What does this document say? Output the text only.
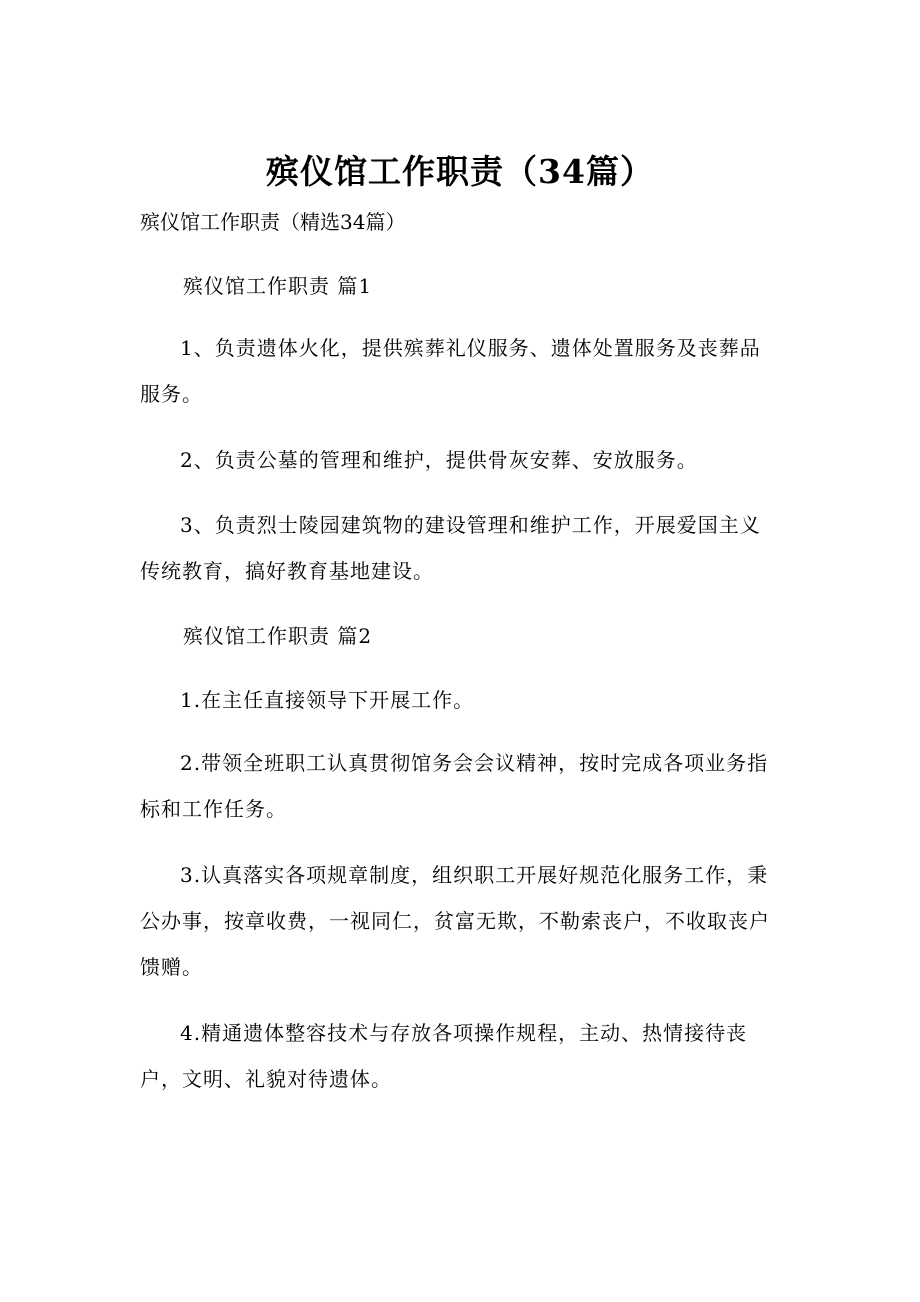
殡仪馆工作职责（34篇）

殡仪馆工作职责（精选34篇）

殡仪馆工作职责 篇1

1、负责遗体火化，提供殡葬礼仪服务、遗体处置服务及丧葬品服务。

2、负责公墓的管理和维护，提供骨灰安葬、安放服务。

3、负责烈士陵园建筑物的建设管理和维护工作，开展爱国主义传统教育，搞好教育基地建设。

殡仪馆工作职责 篇2

1.在主任直接领导下开展工作。

2.带领全班职工认真贯彻馆务会会议精神，按时完成各项业务指标和工作任务。

3.认真落实各项规章制度，组织职工开展好规范化服务工作，秉公办事，按章收费，一视同仁，贫富无欺，不勒索丧户，不收取丧户馈赠。

4.精通遗体整容技术与存放各项操作规程，主动、热情接待丧户，文明、礼貌对待遗体。
